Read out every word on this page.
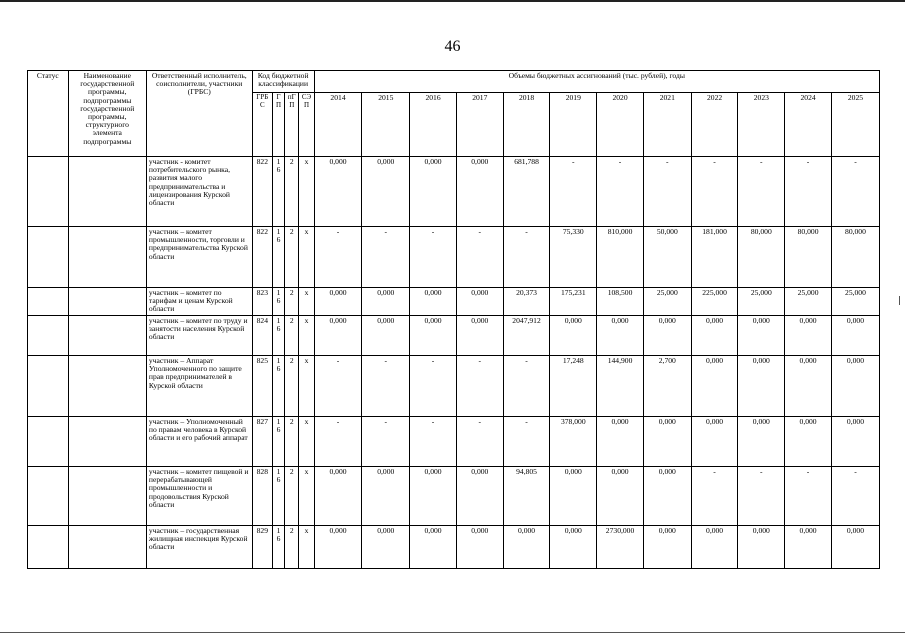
46
Статус	Наименование государственной программы, подпрограммы государственной программы, структурного элемента подпрограммы	Ответственный исполнитель, соисполнители, участники (ГРБС)	Код бюджетной классификации				Объемы бюджетных ассигнований (тыс. рублей), годы											
			ГРБС	ГП	пГП	СЭП	2014	2015	2016	2017	2018	2019	2020	2021	2022	2023	2024	2025
		участник - комитет потребительского рынка, развития малого предпринимательства и лицензирования Курской области	822	16	2	х	0,000	0,000	0,000	0,000	681,788	-	-	-	-	-	-	-
		участник – комитет промышленности, торговли и предпринимательства Курской области	822	16	2	х	-	-	-	-	-	75,330	810,000	50,000	181,000	80,000	80,000	80,000
		участник – комитет по тарифам и ценам Курской области	823	16	2	х	0,000	0,000	0,000	0,000	20,373	175,231	108,500	25,000	225,000	25,000	25,000	25,000
		участник – комитет по труду и занятости населения Курской области	824	16	2	х	0,000	0,000	0,000	0,000	2047,912	0,000	0,000	0,000	0,000	0,000	0,000	0,000
		участник – Аппарат Уполномоченного по защите прав предпринимателей в Курской области	825	16	2	х	-	-	-	-	-	17,248	144,900	2,700	0,000	0,000	0,000	0,000
		участник – Уполномоченный по правам человека в Курской области и его рабочий аппарат	827	16	2	х	-	-	-	-	-	378,000	0,000	0,000	0,000	0,000	0,000	0,000
		участник – комитет пищевой и перерабатывающей промышленности и продовольствия Курской области	828	16	2	х	0,000	0,000	0,000	0,000	94,805	0,000	0,000	0,000	-	-	-	-
		участник – государственная жилищная инспекция Курской области	829	16	2	х	0,000	0,000	0,000	0,000	0,000	0,000	2730,000	0,000	0,000	0,000	0,000	0,000
